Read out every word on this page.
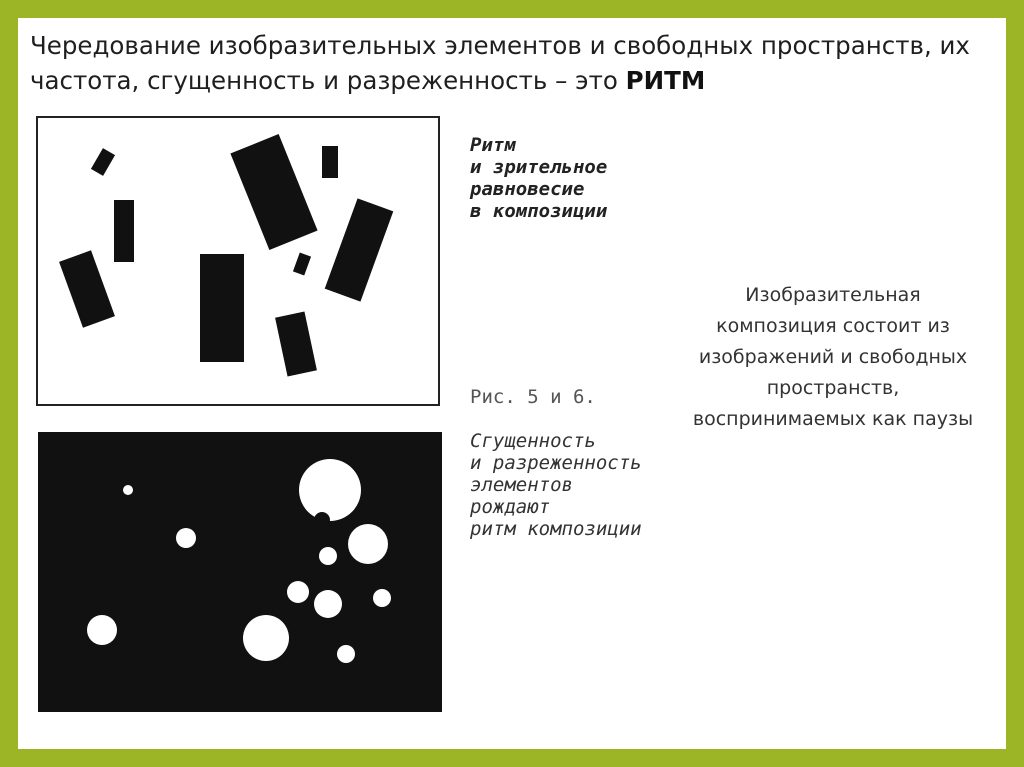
Чередование изобразительных элементов и свободных пространств, их частота, сгущенность и разреженность – это РИТМ
Ритм
и зрительное
равновесие
в композиции
Рис. 5 и 6.
Сгущенность
и разреженность
элементов
рождают
ритм композиции
Изобразительная композиция состоит из изображений и свободных пространств, воспринимаемых как паузы
